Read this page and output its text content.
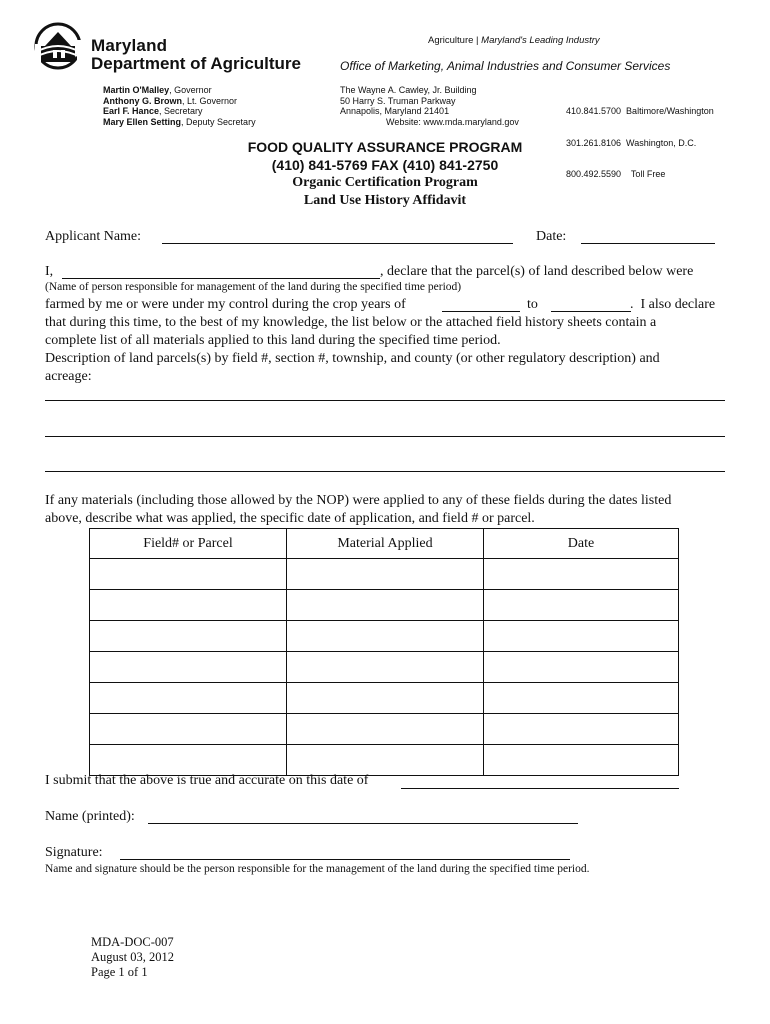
Maryland
Department of Agriculture
Agriculture | Maryland's Leading Industry
Office of Marketing, Animal Industries and Consumer Services
Martin O'Malley, Governor
Anthony G. Brown, Lt. Governor
Earl F. Hance, Secretary
Mary Ellen Setting, Deputy Secretary
The Wayne A. Cawley, Jr. Building
50 Harry S. Truman Parkway
Annapolis, Maryland 21401
Website: www.mda.maryland.gov

410.841.5700  Baltimore/Washington

301.261.8106  Washington, D.C.

800.492.5590    Toll Free

FOOD QUALITY ASSURANCE PROGRAM
(410) 841-5769 FAX (410) 841-2750
Organic Certification Program
Land Use History Affidavit
Applicant Name:	Date:
I,	, declare that the parcel(s) of land described below were
(Name of person responsible for management of the land during the specified time period)
farmed by me or were under my control during the crop years of	to	.  I also declare
that during this time, to the best of my knowledge, the list below or the attached field history sheets contain a
complete list of all materials applied to this land during the specified time period.
Description of land parcels(s) by field #, section #, township, and county (or other regulatory description) and
acreage:
If any materials (including those allowed by the NOP) were applied to any of these fields during the dates listed
above, describe what was applied, the specific date of application, and field # or parcel.
Field# or Parcel	Material Applied	Date

I submit that the above is true and accurate on this date of
Name (printed):
Signature:
Name and signature should be the person responsible for the management of the land during the specified time period.
MDA-DOC-007
August 03, 2012
Page 1 of 1
